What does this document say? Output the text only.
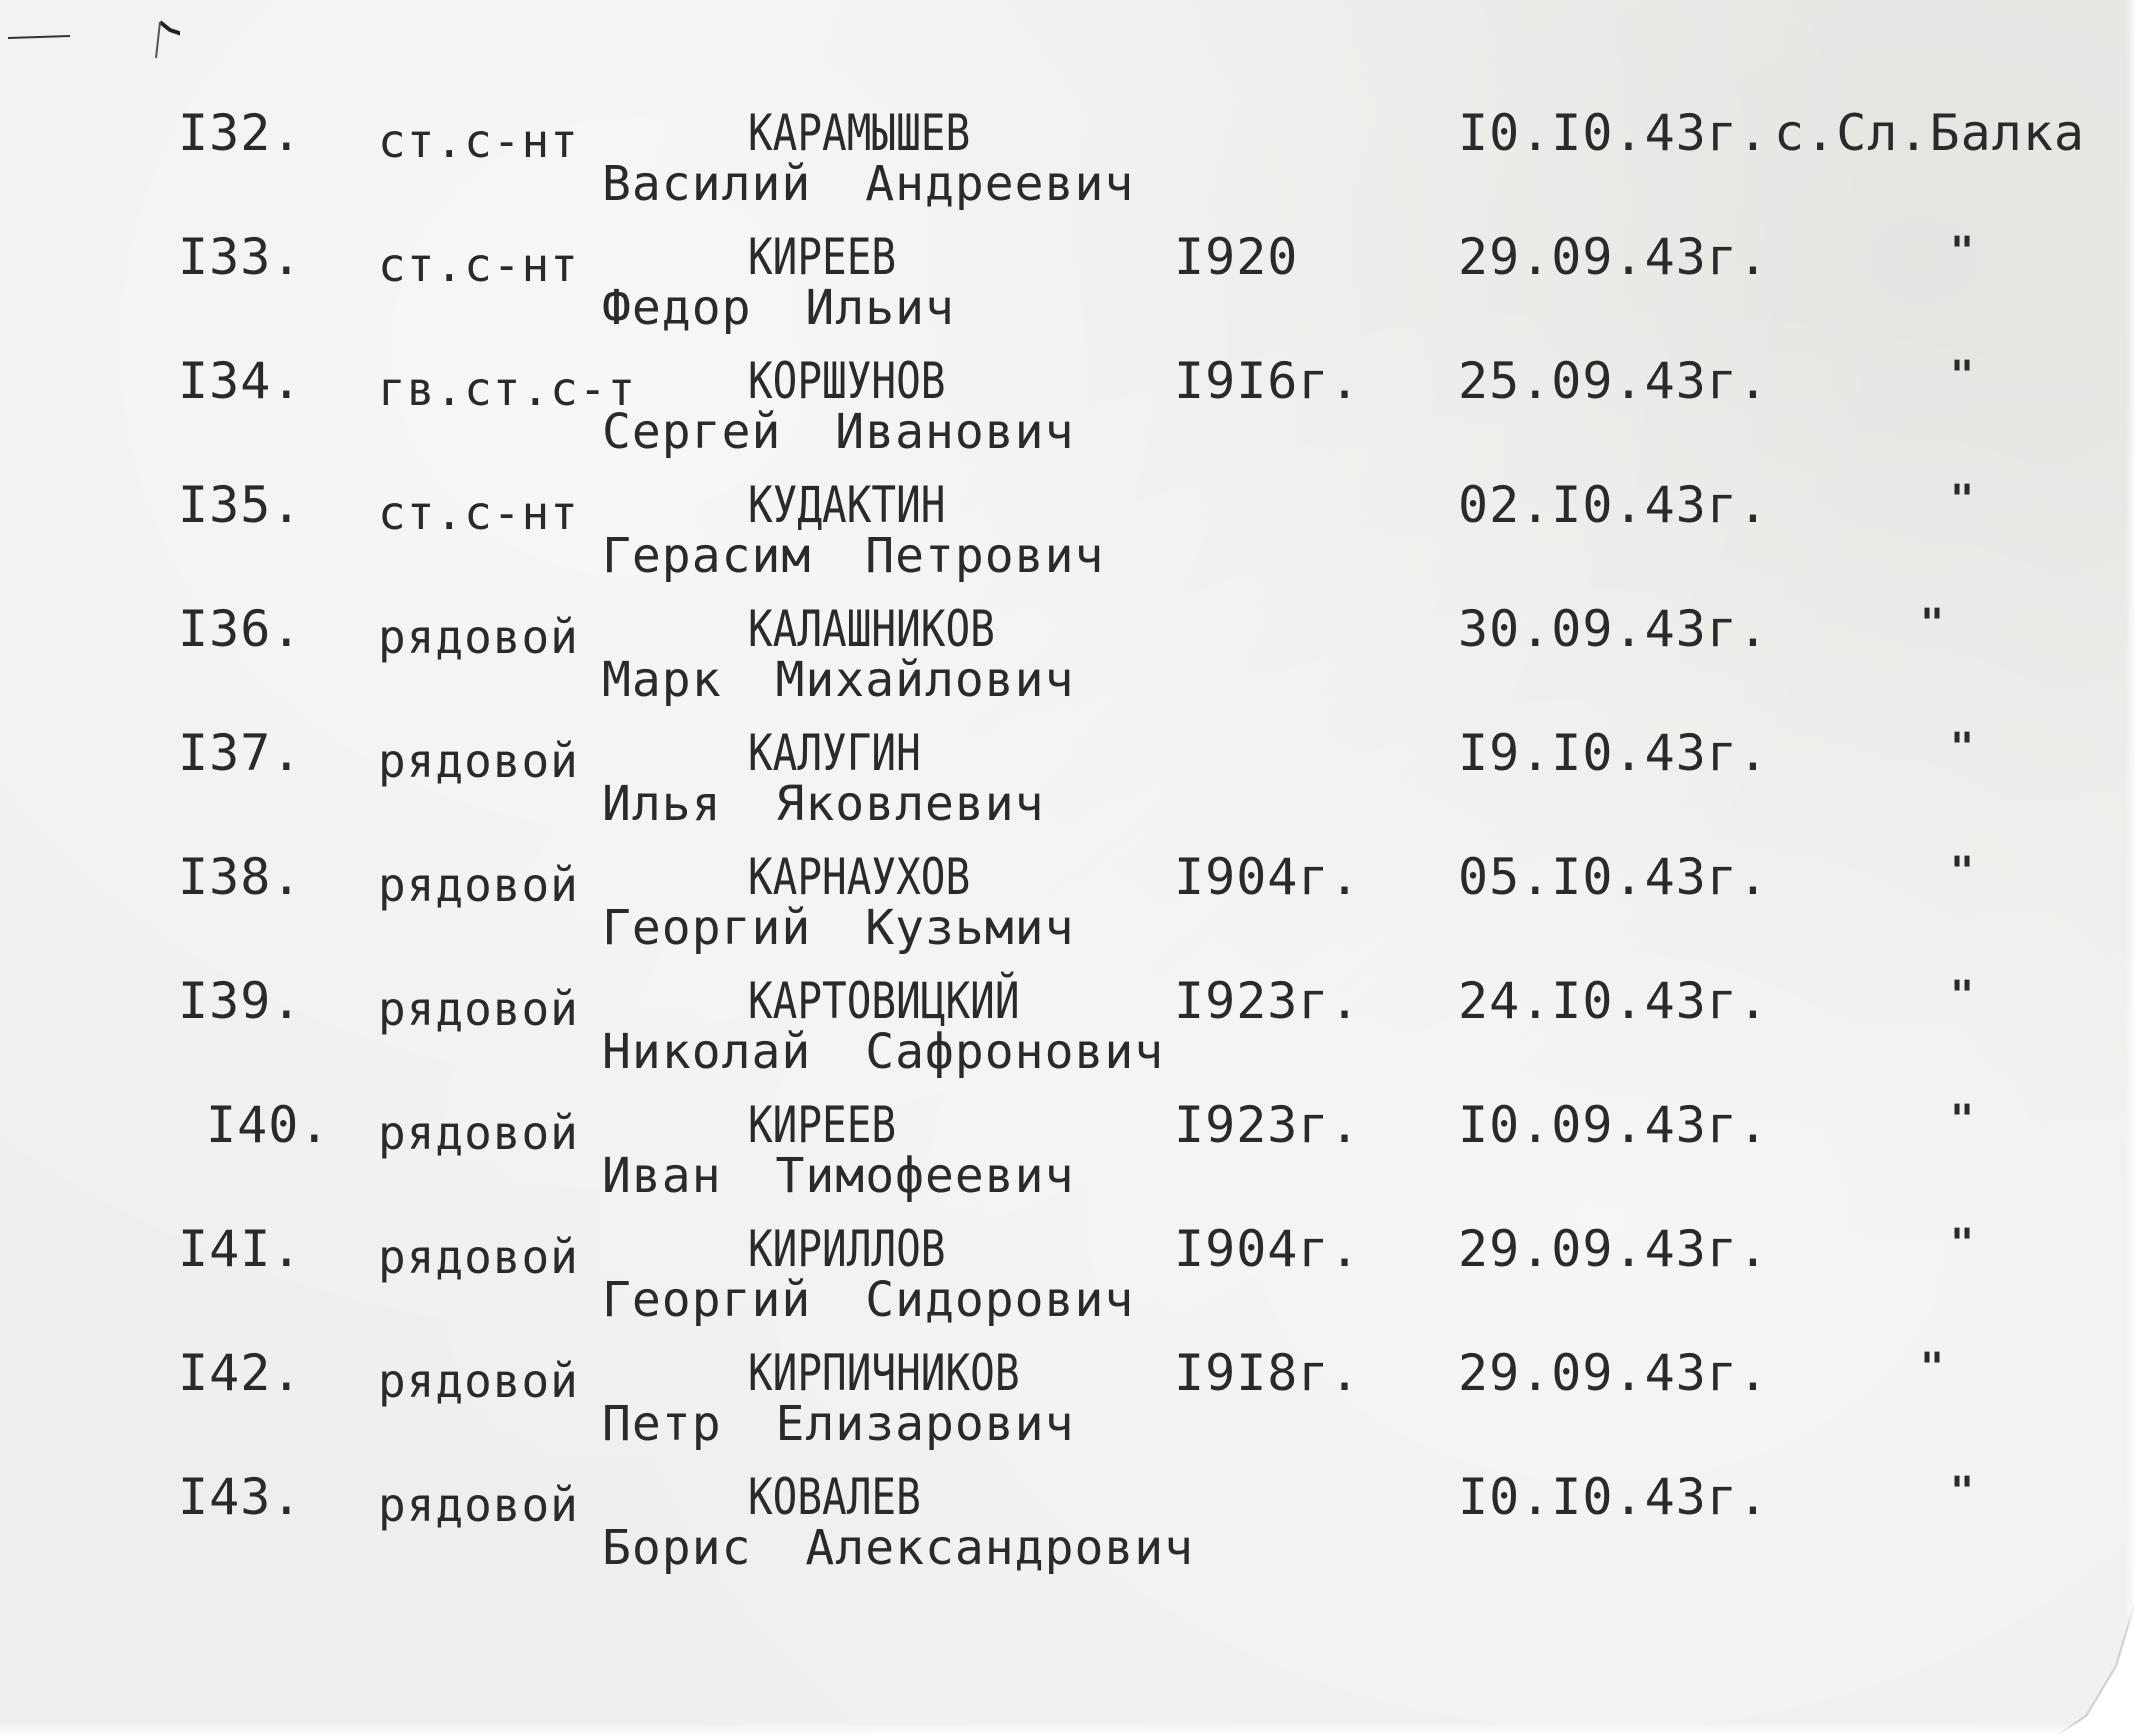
I32. ст.с-нт	КАРАМЫШЕВ
Василий Андреевич
I0.I0.43г. с.Сл.Балка
I33. ст.с-нт	КИРЕЕВ
Федор Ильич
I920	29.09.43г.	"
I34. гв.ст.с-т КОРШУНОВ
Сергей Иванович
I9I6г. 25.09.43г.	"
I35. ст.с-нт	КУДАКТИН
Герасим Петрович
02.I0.43г.	"
I36. рядовой	КАЛАШНИКОВ
Марк Михайлович
30.09.43г.	"
I37. рядовой	КАЛУГИН
Илья Яковлевич
I9.I0.43г.	"
I38. рядовой	КАРНАУХОВ
Георгий Кузьмич
I904г. 05.I0.43г.	"
I39. рядовой	КАРТОВИЦКИЙ
Николай Сафронович
I923г. 24.I0.43г.	"
I40. рядовой	КИРЕЕВ
Иван Тимофеевич
I923г. I0.09.43г.	"
I4I. рядовой	КИРИЛЛОВ
Георгий Сидорович
I904г. 29.09.43г.	"
I42. рядовой	КИРПИЧНИКОВ
Петр Елизарович
I9I8г. 29.09.43г.	"
I43. рядовой	КОВАЛЕВ
Борис Александрович
I0.I0.43г.	"
